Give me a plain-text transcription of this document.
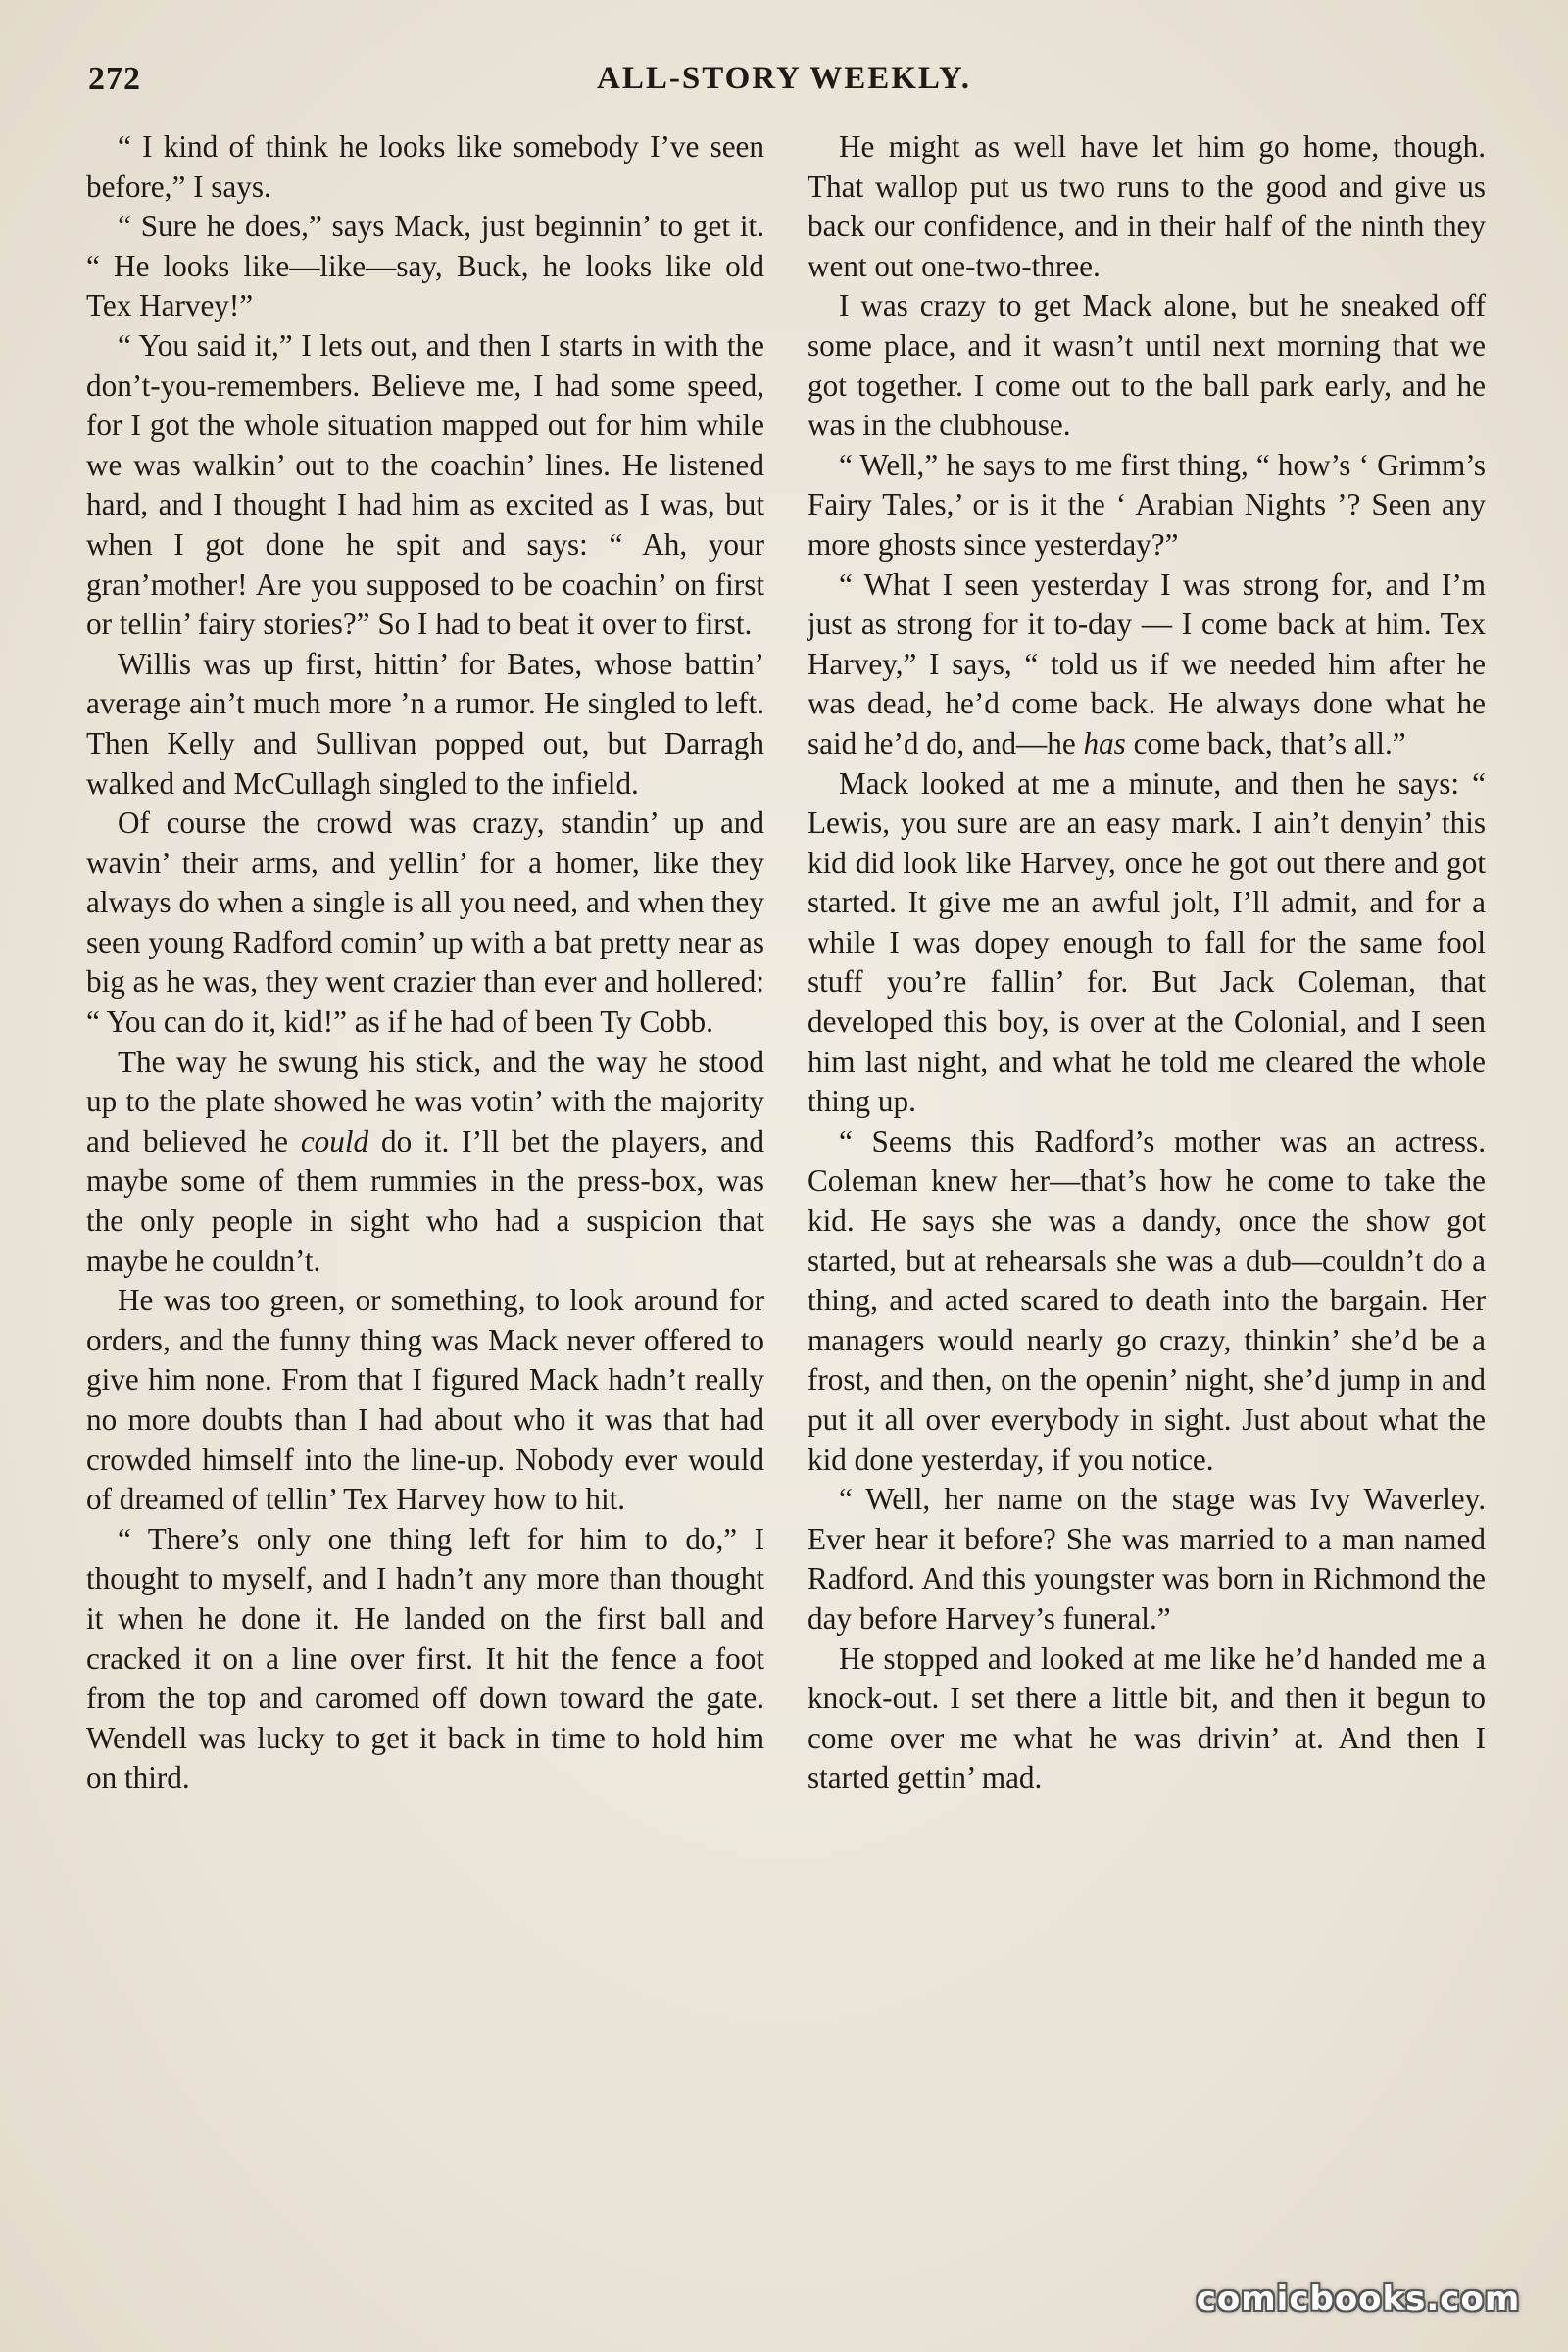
272	ALL-STORY WEEKLY.

“ I kind of think he looks like somebody I’ve seen before,” I says.

“ Sure he does,” says Mack, just beginnin’ to get it. “ He looks like—like—say, Buck, he looks like old Tex Harvey!”

“ You said it,” I lets out, and then I starts in with the don’t-you-remembers. Believe me, I had some speed, for I got the whole situation mapped out for him while we was walkin’ out to the coachin’ lines. He listened hard, and I thought I had him as excited as I was, but when I got done he spit and says: “ Ah, your gran’mother! Are you supposed to be coachin’ on first or tellin’ fairy stories?” So I had to beat it over to first.

Willis was up first, hittin’ for Bates, whose battin’ average ain’t much more ’n a rumor. He singled to left. Then Kelly and Sullivan popped out, but Darragh walked and McCullagh singled to the infield.

Of course the crowd was crazy, standin’ up and wavin’ their arms, and yellin’ for a homer, like they always do when a single is all you need, and when they seen young Radford comin’ up with a bat pretty near as big as he was, they went crazier than ever and hollered: “ You can do it, kid!” as if he had of been Ty Cobb.

The way he swung his stick, and the way he stood up to the plate showed he was votin’ with the majority and believed he could do it. I’ll bet the players, and maybe some of them rummies in the press-box, was the only people in sight who had a suspicion that maybe he couldn’t.

He was too green, or something, to look around for orders, and the funny thing was Mack never offered to give him none. From that I figured Mack hadn’t really no more doubts than I had about who it was that had crowded himself into the line-up. Nobody ever would of dreamed of tellin’ Tex Harvey how to hit.

“ There’s only one thing left for him to do,” I thought to myself, and I hadn’t any more than thought it when he done it. He landed on the first ball and cracked it on a line over first. It hit the fence a foot from the top and caromed off down toward the gate. Wendell was lucky to get it back in time to hold him on third.

He might as well have let him go home, though. That wallop put us two runs to the good and give us back our confidence, and in their half of the ninth they went out one-two-three.

I was crazy to get Mack alone, but he sneaked off some place, and it wasn’t until next morning that we got together. I come out to the ball park early, and he was in the clubhouse.

“ Well,” he says to me first thing, “ how’s ‘ Grimm’s Fairy Tales,’ or is it the ‘ Arabian Nights ’? Seen any more ghosts since yesterday?”

“ What I seen yesterday I was strong for, and I’m just as strong for it to-day — I come back at him. Tex Harvey,” I says, “ told us if we needed him after he was dead, he’d come back. He always done what he said he’d do, and—he has come back, that’s all.”

Mack looked at me a minute, and then he says: “ Lewis, you sure are an easy mark. I ain’t denyin’ this kid did look like Harvey, once he got out there and got started. It give me an awful jolt, I’ll admit, and for a while I was dopey enough to fall for the same fool stuff you’re fallin’ for. But Jack Coleman, that developed this boy, is over at the Colonial, and I seen him last night, and what he told me cleared the whole thing up.

“ Seems this Radford’s mother was an actress. Coleman knew her—that’s how he come to take the kid. He says she was a dandy, once the show got started, but at rehearsals she was a dub—couldn’t do a thing, and acted scared to death into the bargain. Her managers would nearly go crazy, thinkin’ she’d be a frost, and then, on the openin’ night, she’d jump in and put it all over everybody in sight. Just about what the kid done yesterday, if you notice.

“ Well, her name on the stage was Ivy Waverley. Ever hear it before? She was married to a man named Radford. And this youngster was born in Richmond the day before Harvey’s funeral.”

He stopped and looked at me like he’d handed me a knock-out. I set there a little bit, and then it begun to come over me what he was drivin’ at. And then I started gettin’ mad.

comicbooks.com
